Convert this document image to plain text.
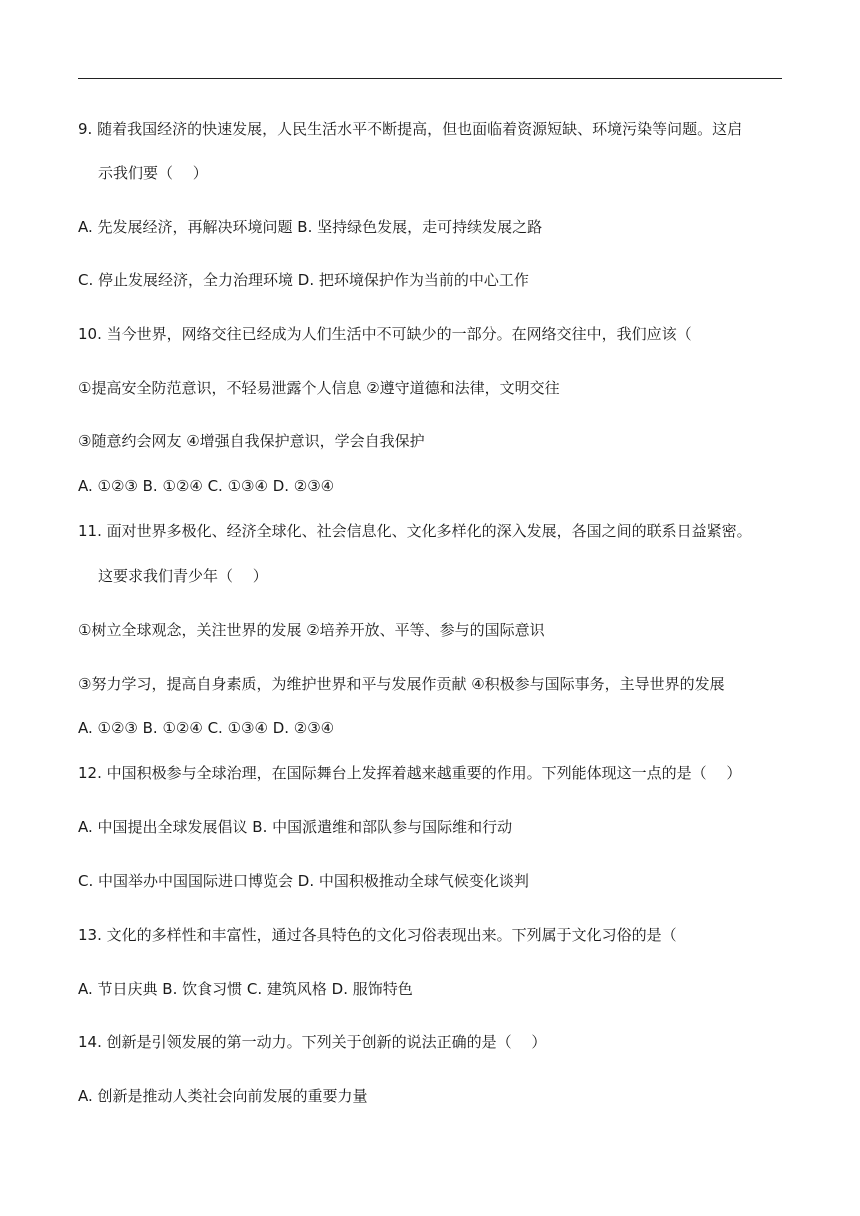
9. 随着我国经济的快速发展，人民生活水平不断提高，但也面临着资源短缺、环境污染等问题。这启
示我们要（　 ）
A. 先发展经济，再解决环境问题 B. 坚持绿色发展，走可持续发展之路
C. 停止发展经济，全力治理环境 D. 把环境保护作为当前的中心工作
10. 当今世界，网络交往已经成为人们生活中不可缺少的一部分。在网络交往中，我们应该（
①提高安全防范意识，不轻易泄露个人信息 ②遵守道德和法律，文明交往
③随意约会网友 ④增强自我保护意识，学会自我保护
A. ①②③ B. ①②④ C. ①③④ D. ②③④
11. 面对世界多极化、经济全球化、社会信息化、文化多样化的深入发展，各国之间的联系日益紧密。
这要求我们青少年（　 ）
①树立全球观念，关注世界的发展 ②培养开放、平等、参与的国际意识
③努力学习，提高自身素质，为维护世界和平与发展作贡献 ④积极参与国际事务，主导世界的发展
A. ①②③ B. ①②④ C. ①③④ D. ②③④
12. 中国积极参与全球治理，在国际舞台上发挥着越来越重要的作用。下列能体现这一点的是（　 ）
A. 中国提出全球发展倡议 B. 中国派遣维和部队参与国际维和行动
C. 中国举办中国国际进口博览会 D. 中国积极推动全球气候变化谈判
13. 文化的多样性和丰富性，通过各具特色的文化习俗表现出来。下列属于文化习俗的是（
A. 节日庆典 B. 饮食习惯 C. 建筑风格 D. 服饰特色
14. 创新是引领发展的第一动力。下列关于创新的说法正确的是（　 ）
A. 创新是推动人类社会向前发展的重要力量
